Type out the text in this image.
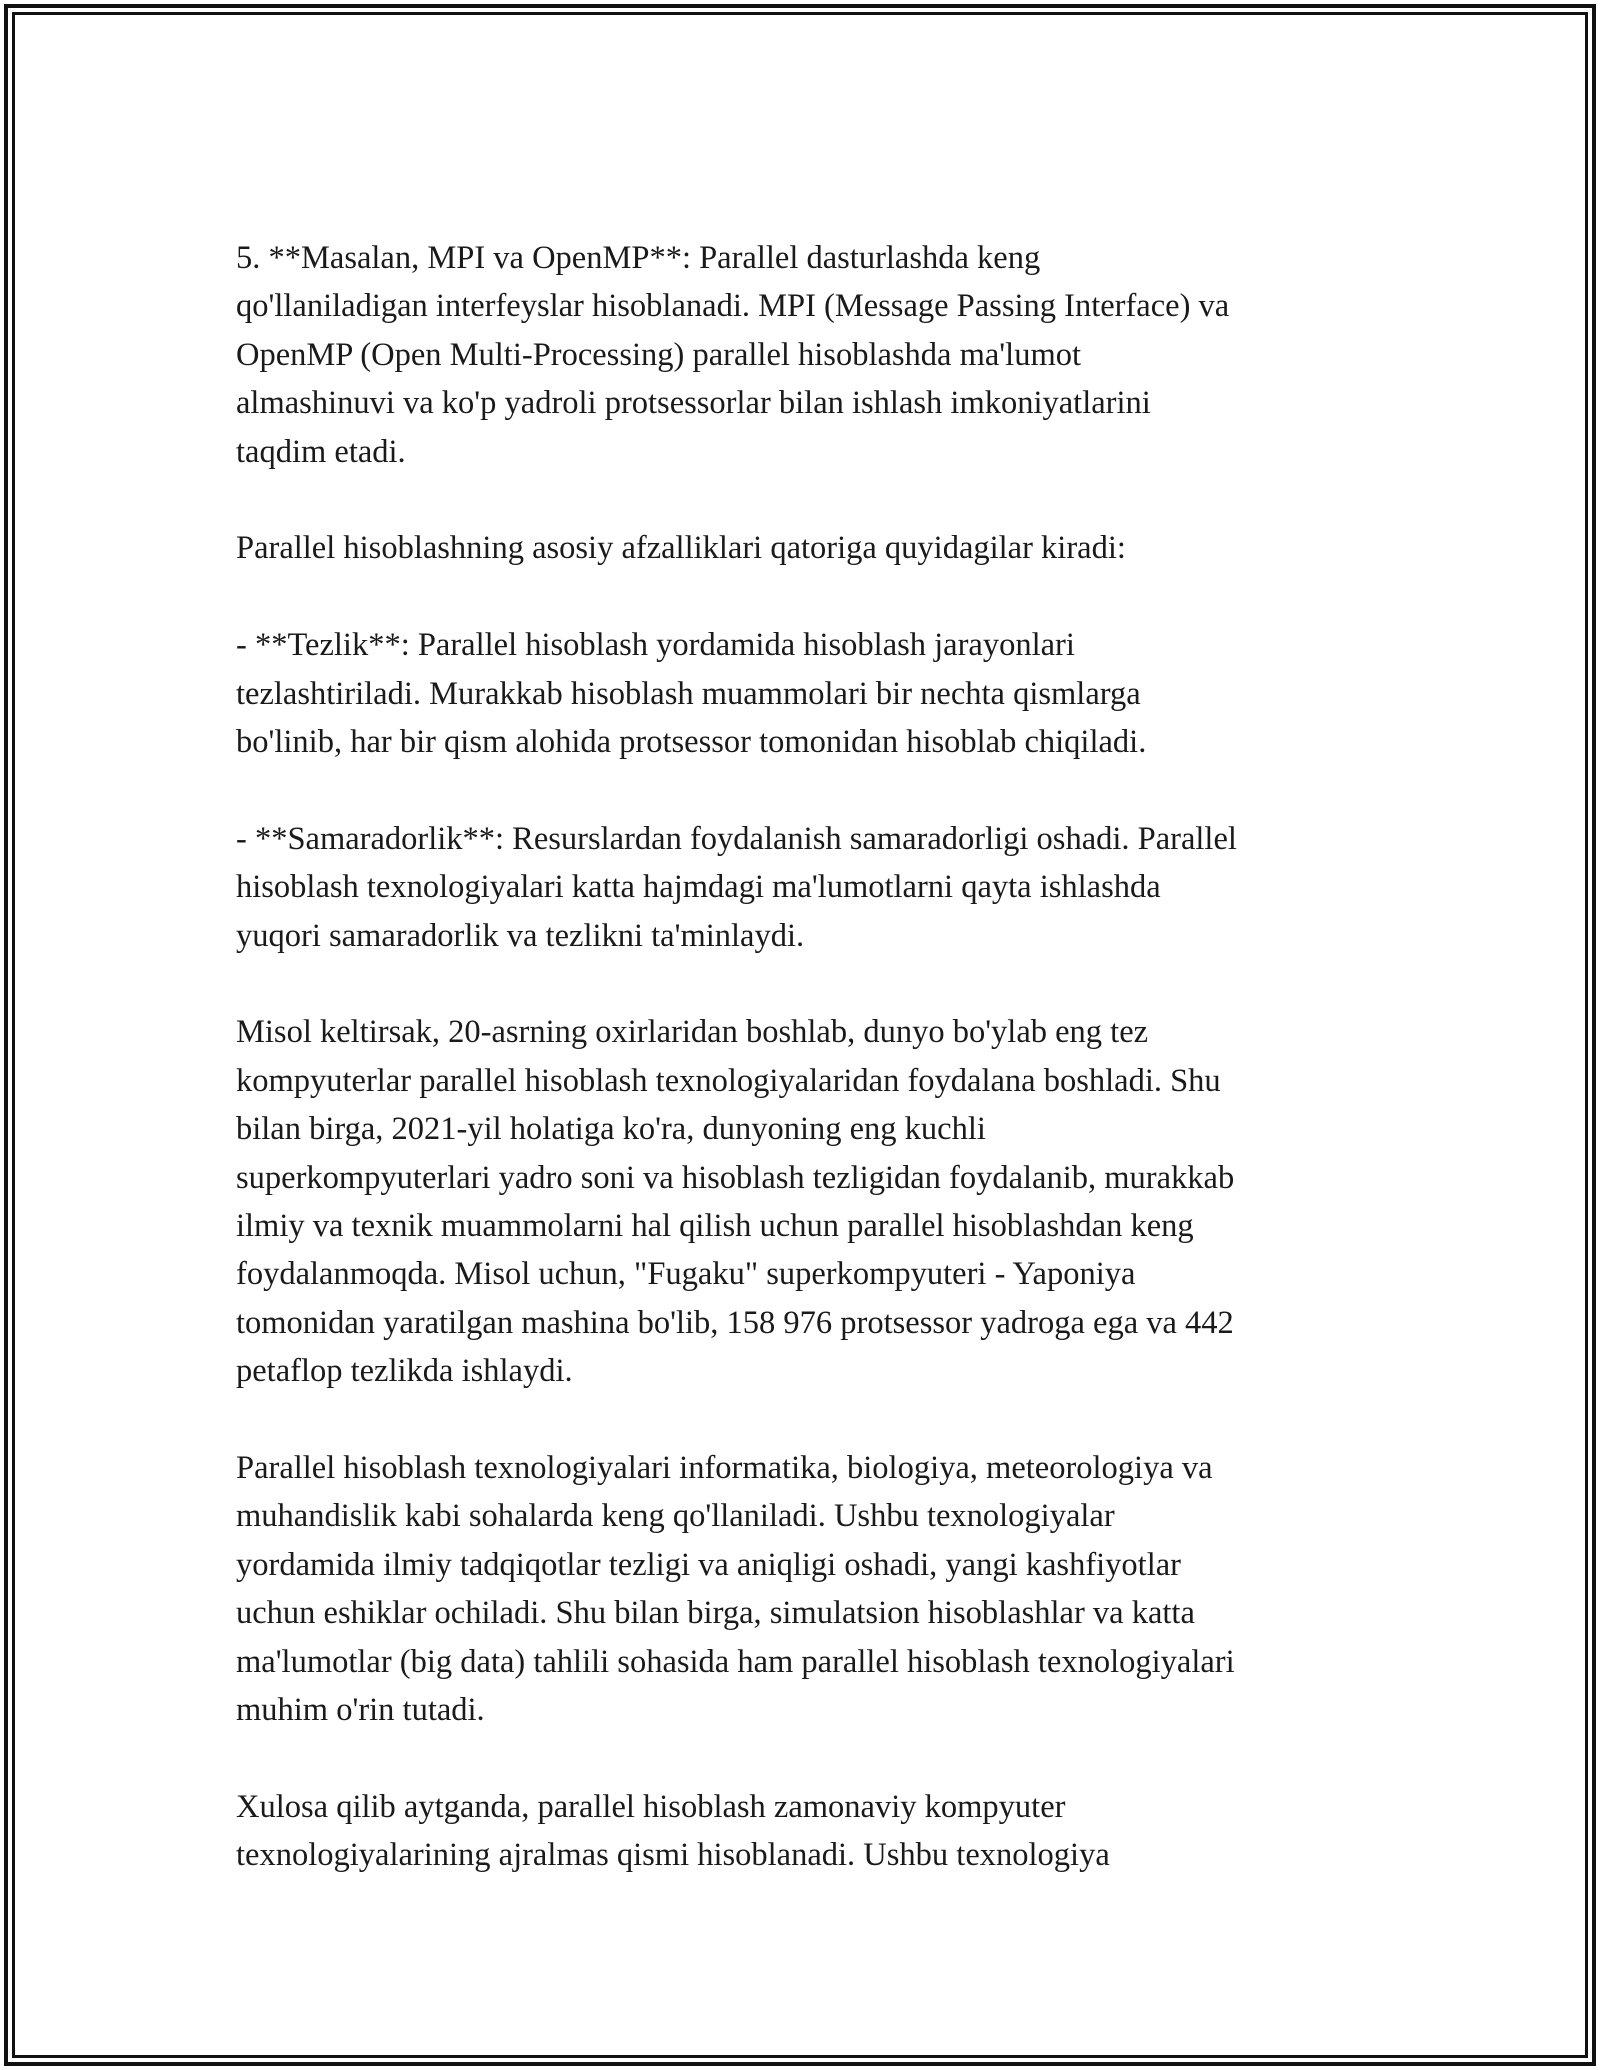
5. **Masalan, MPI va OpenMP**: Parallel dasturlashda keng
qo'llaniladigan interfeyslar hisoblanadi. MPI (Message Passing Interface) va
OpenMP (Open Multi-Processing) parallel hisoblashda ma'lumot
almashinuvi va ko'p yadroli protsessorlar bilan ishlash imkoniyatlarini
taqdim etadi.

Parallel hisoblashning asosiy afzalliklari qatoriga quyidagilar kiradi:

- **Tezlik**: Parallel hisoblash yordamida hisoblash jarayonlari
tezlashtiriladi. Murakkab hisoblash muammolari bir nechta qismlarga
bo'linib, har bir qism alohida protsessor tomonidan hisoblab chiqiladi.

- **Samaradorlik**: Resurslardan foydalanish samaradorligi oshadi. Parallel
hisoblash texnologiyalari katta hajmdagi ma'lumotlarni qayta ishlashda
yuqori samaradorlik va tezlikni ta'minlaydi.

Misol keltirsak, 20-asrning oxirlaridan boshlab, dunyo bo'ylab eng tez
kompyuterlar parallel hisoblash texnologiyalaridan foydalana boshladi. Shu
bilan birga, 2021-yil holatiga ko'ra, dunyoning eng kuchli
superkompyuterlari yadro soni va hisoblash tezligidan foydalanib, murakkab
ilmiy va texnik muammolarni hal qilish uchun parallel hisoblashdan keng
foydalanmoqda. Misol uchun, "Fugaku" superkompyuteri - Yaponiya
tomonidan yaratilgan mashina bo'lib, 158 976 protsessor yadroga ega va 442
petaflop tezlikda ishlaydi.

Parallel hisoblash texnologiyalari informatika, biologiya, meteorologiya va
muhandislik kabi sohalarda keng qo'llaniladi. Ushbu texnologiyalar
yordamida ilmiy tadqiqotlar tezligi va aniqligi oshadi, yangi kashfiyotlar
uchun eshiklar ochiladi. Shu bilan birga, simulatsion hisoblashlar va katta
ma'lumotlar (big data) tahlili sohasida ham parallel hisoblash texnologiyalari
muhim o'rin tutadi.

Xulosa qilib aytganda, parallel hisoblash zamonaviy kompyuter
texnologiyalarining ajralmas qismi hisoblanadi. Ushbu texnologiya
